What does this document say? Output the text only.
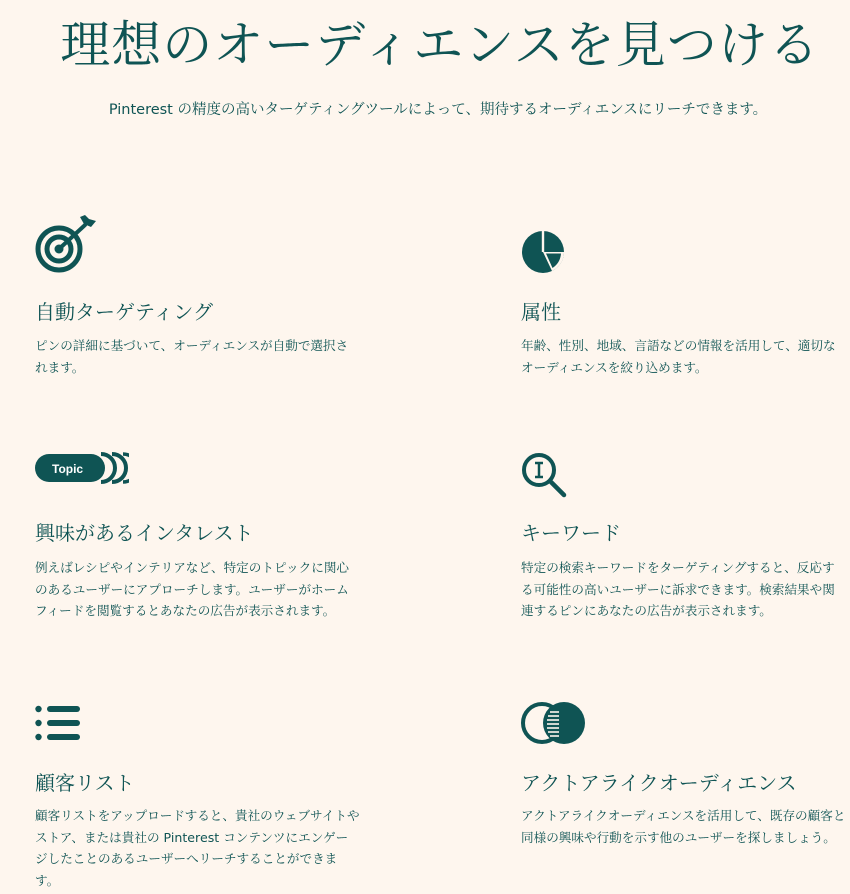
理想のオーディエンスを見つける

Pinterest の精度の高いターゲティングツールによって、期待するオーディエンスにリーチできます。

自動ターゲティング

ピンの詳細に基づいて、オーディエンスが自動で選択されます。

属性

年齢、性別、地域、言語などの情報を活用して、適切なオーディエンスを絞り込めます。

Topic
興味があるインタレスト

例えばレシピやインテリアなど、特定のトピックに関心のあるユーザーにアプローチします。ユーザーがホームフィードを閲覧するとあなたの広告が表示されます。

キーワード

特定の検索キーワードをターゲティングすると、反応する可能性の高いユーザーに訴求できます。検索結果や関連するピンにあなたの広告が表示されます。

顧客リスト

顧客リストをアップロードすると、貴社のウェブサイトやストア、または貴社の Pinterest コンテンツにエンゲージしたことのあるユーザーへリーチすることができます。

アクトアライクオーディエンス

アクトアライクオーディエンスを活用して、既存の顧客と同様の興味や行動を示す他のユーザーを探しましょう。
